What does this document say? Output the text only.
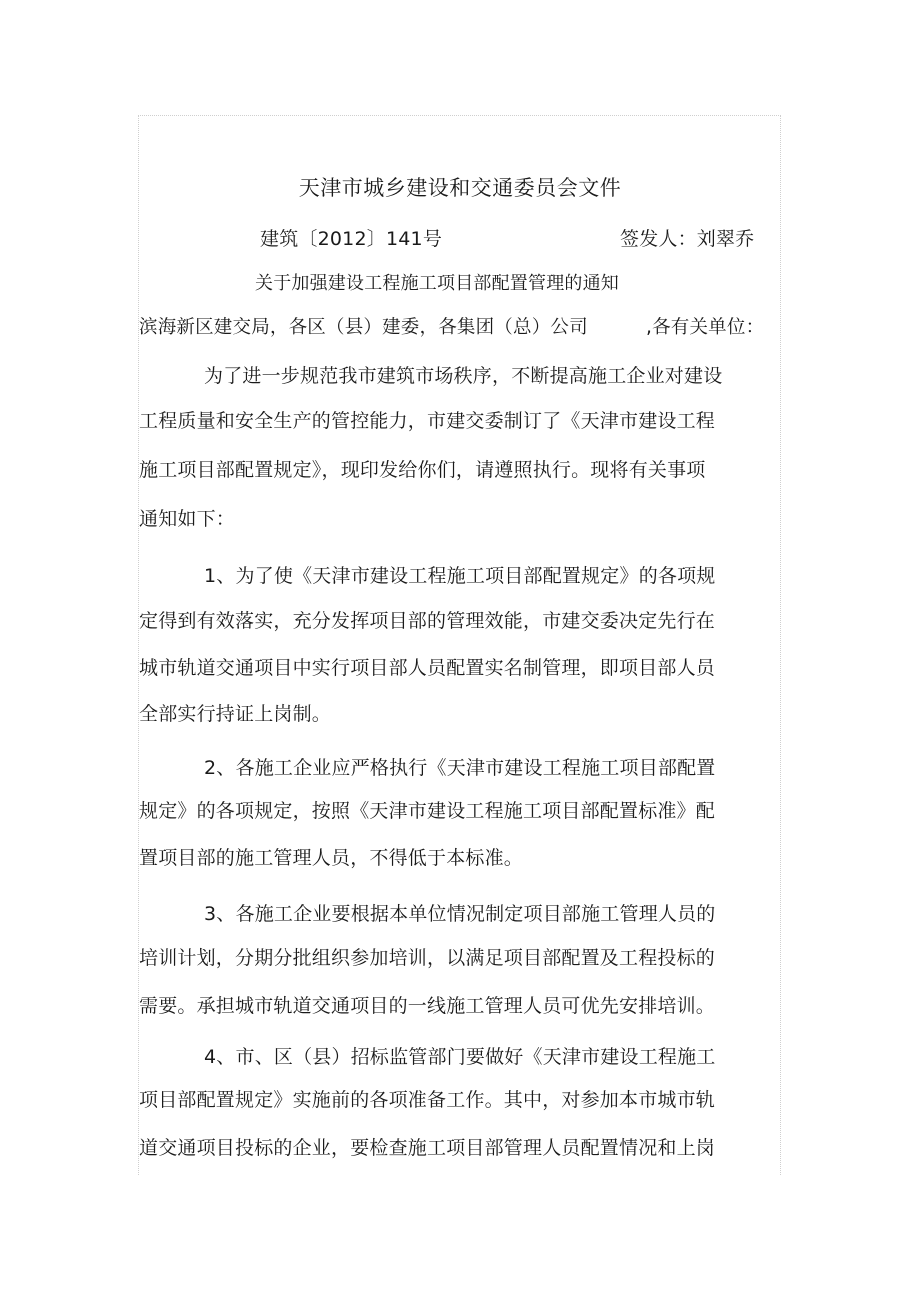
天津市城乡建设和交通委员会文件
建筑〔2012〕141号	签发人：刘翠乔
关于加强建设工程施工项目部配置管理的通知
滨海新区建交局，各区（县）建委，各集团（总）公司	,各有关单位：
为了进一步规范我市建筑市场秩序，不断提高施工企业对建设
工程质量和安全生产的管控能力，市建交委制订了《天津市建设工程
施工项目部配置规定》，现印发给你们，请遵照执行。现将有关事项
通知如下：
1、为了使《天津市建设工程施工项目部配置规定》的各项规
定得到有效落实，充分发挥项目部的管理效能，市建交委决定先行在
城市轨道交通项目中实行项目部人员配置实名制管理，即项目部人员
全部实行持证上岗制。
2、各施工企业应严格执行《天津市建设工程施工项目部配置
规定》的各项规定，按照《天津市建设工程施工项目部配置标准》配
置项目部的施工管理人员，不得低于本标准。
3、各施工企业要根据本单位情况制定项目部施工管理人员的
培训计划，分期分批组织参加培训，以满足项目部配置及工程投标的
需要。承担城市轨道交通项目的一线施工管理人员可优先安排培训。
4、市、区（县）招标监管部门要做好《天津市建设工程施工
项目部配置规定》实施前的各项准备工作。其中，对参加本市城市轨
道交通项目投标的企业，要检查施工项目部管理人员配置情况和上岗
